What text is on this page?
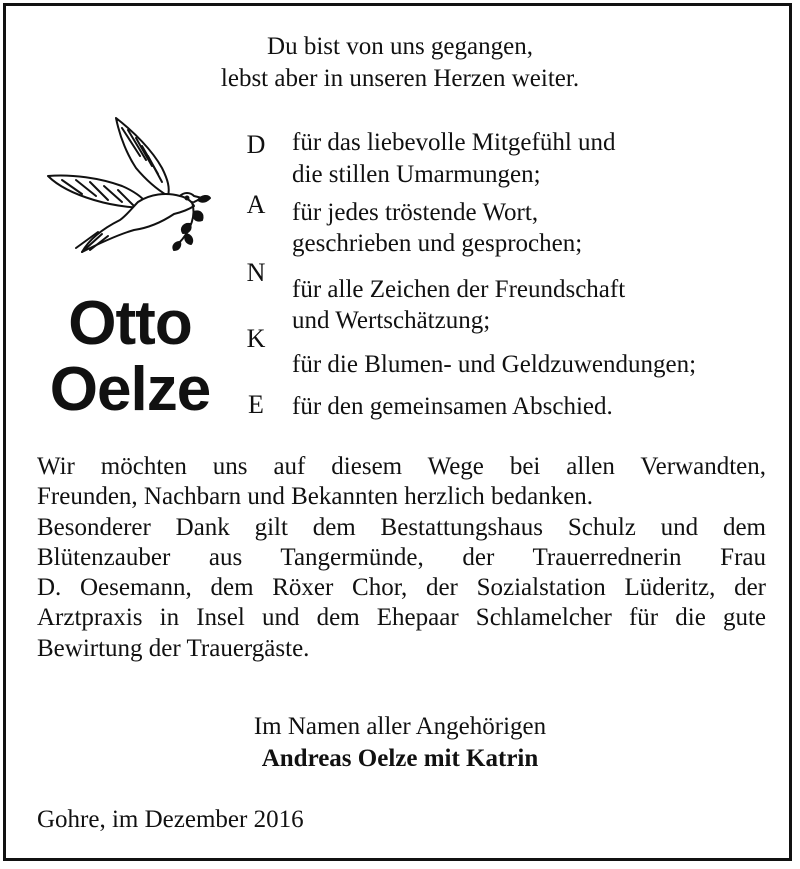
Du bist von uns gegangen,
lebst aber in unseren Herzen weiter.
Otto
Oelze
D
A
N
K
E
für das liebevolle Mitgefühl und
die stillen Umarmungen;
für jedes tröstende Wort,
geschrieben und gesprochen;
für alle Zeichen der Freundschaft
und Wertschätzung;
für die Blumen- und Geldzuwendungen;
für den gemeinsamen Abschied.
Wir möchten uns auf diesem Wege bei allen Verwandten,
Freunden, Nachbarn und Bekannten herzlich bedanken.
Besonderer Dank gilt dem Bestattungshaus Schulz und dem
Blütenzauber aus Tangermünde, der Trauerrednerin Frau
D. Oesemann, dem Röxer Chor, der Sozialstation Lüderitz, der
Arztpraxis in Insel und dem Ehepaar Schlamelcher für die gute
Bewirtung der Trauergäste.
Im Namen aller Angehörigen
Andreas Oelze mit Katrin
Gohre, im Dezember 2016
